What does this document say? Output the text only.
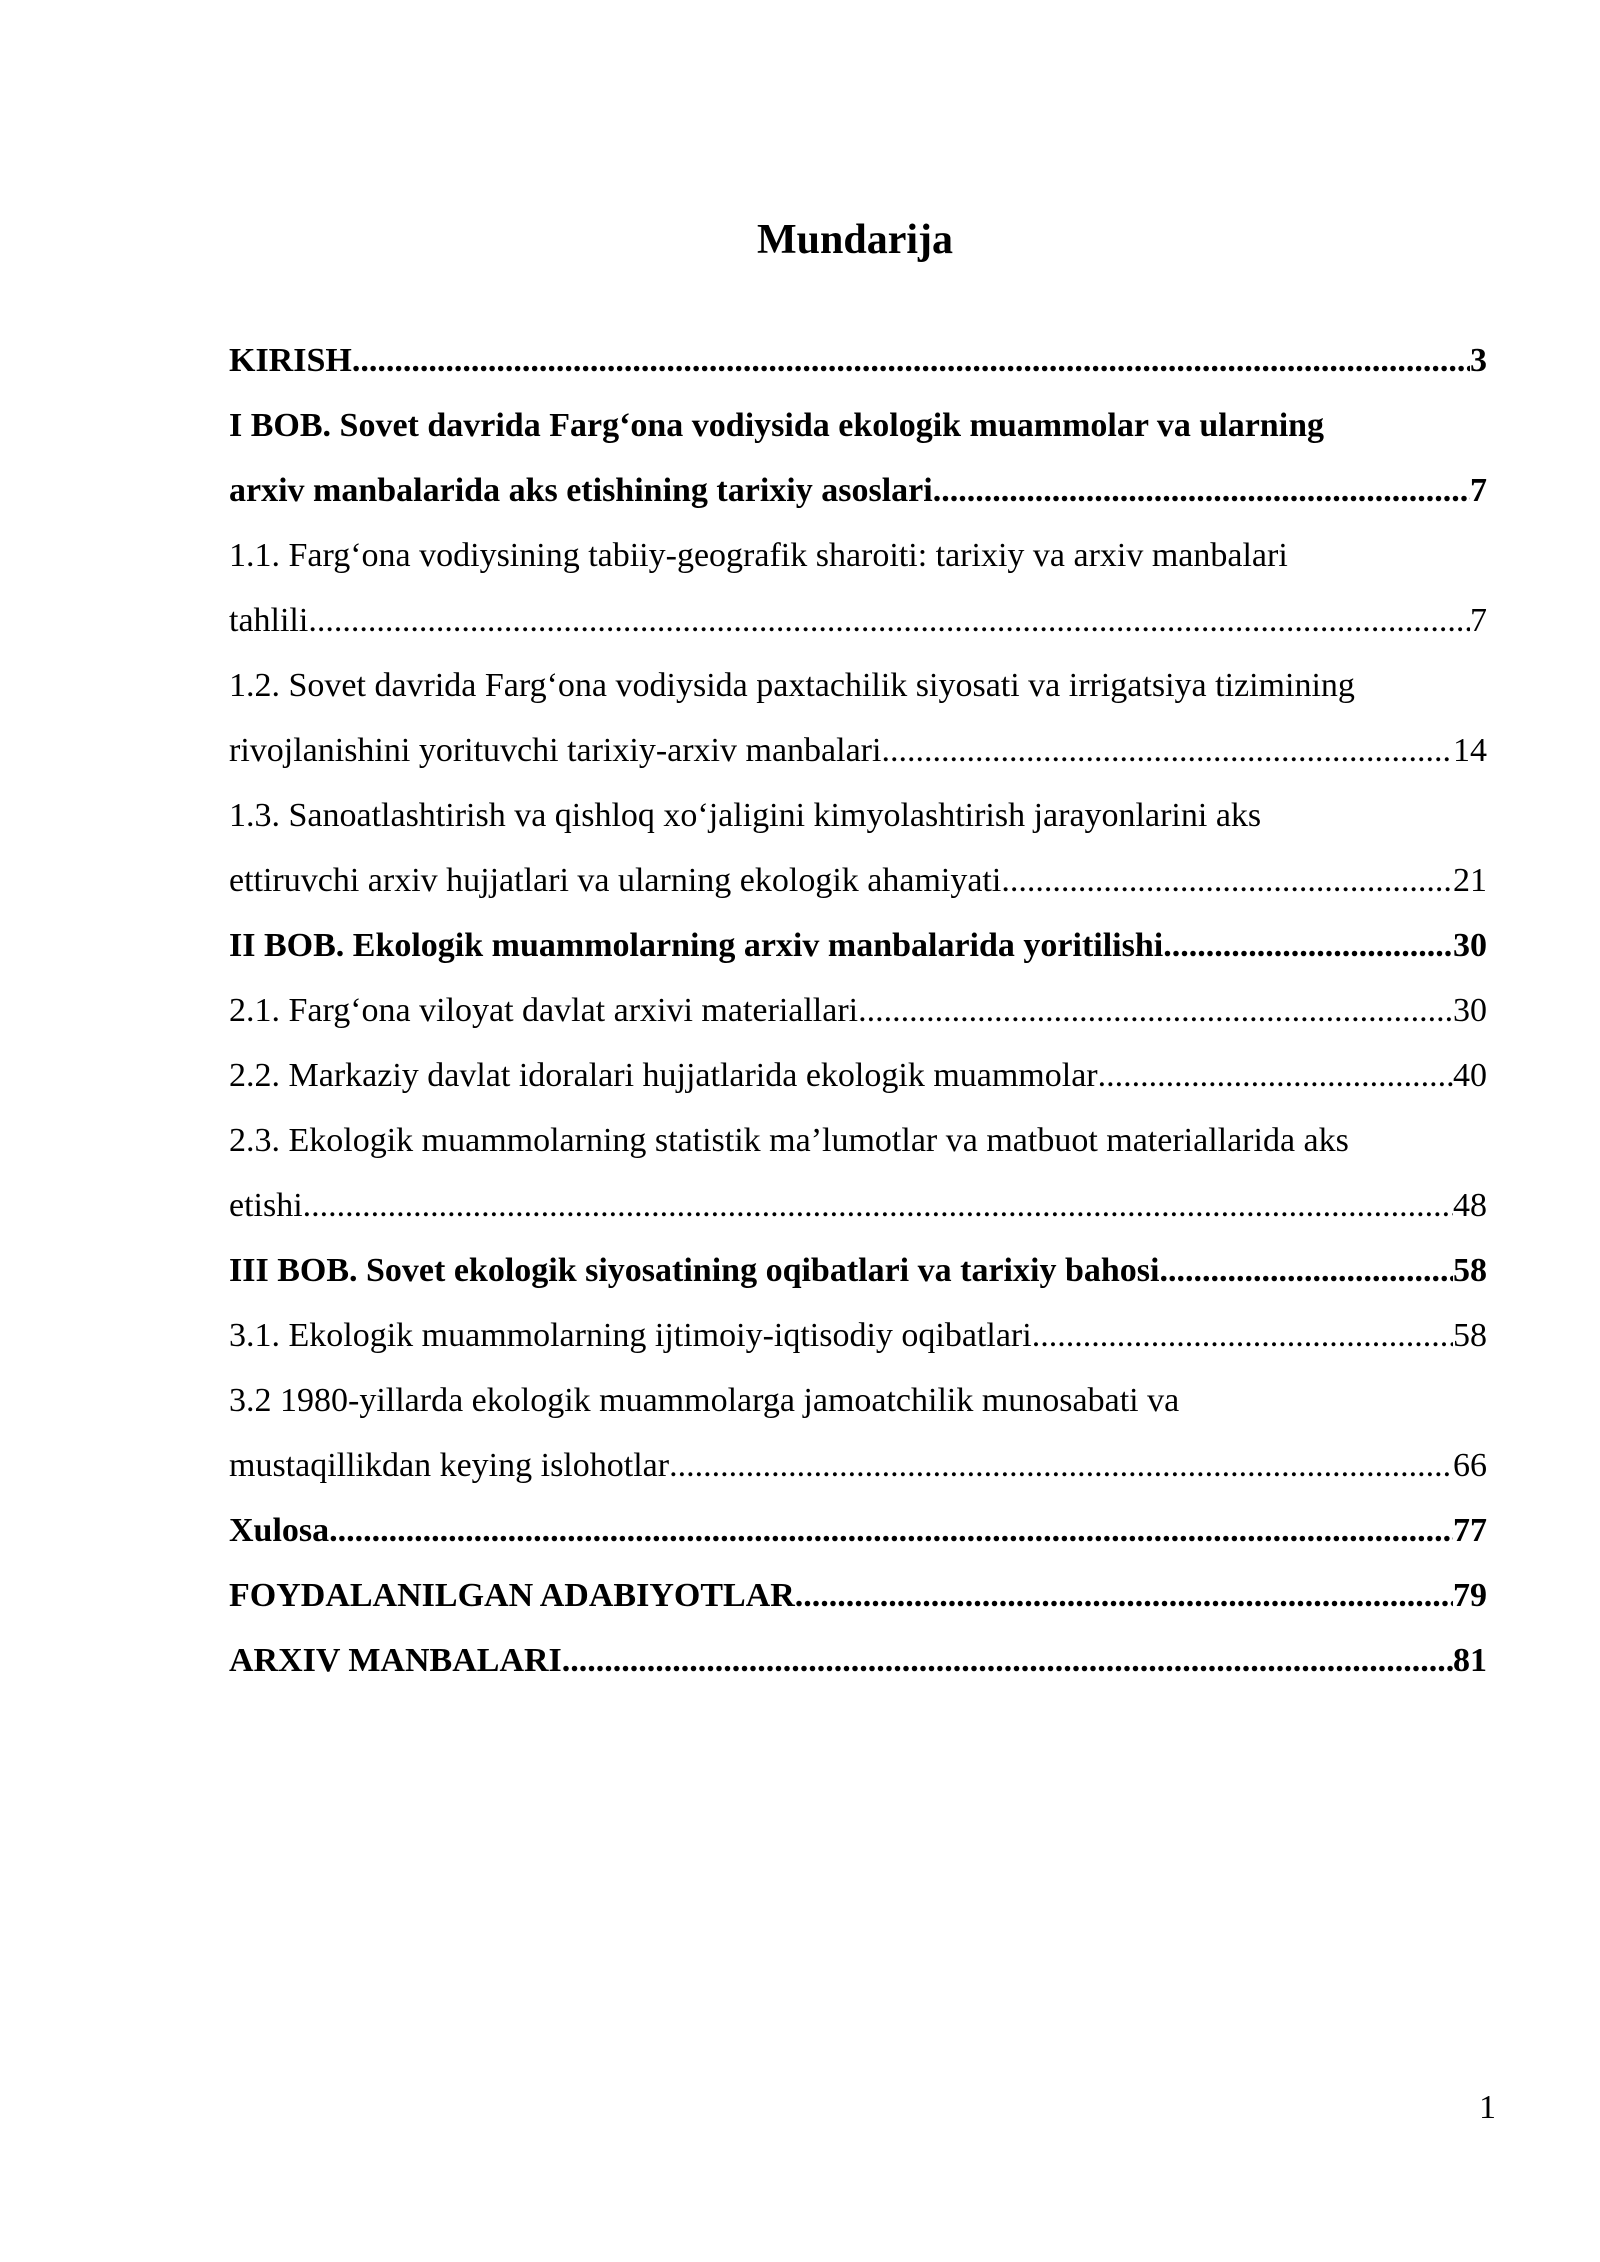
Mundarija
KIRISH .....	3
I BOB. Sovet davrida Farg‘ona vodiysida ekologik muammolar va ularning
arxiv manbalarida aks etishining tarixiy asoslari .....	7
1.1. Farg‘ona vodiysining tabiiy-geografik sharoiti: tarixiy va arxiv manbalari
tahlili .....	7
1.2. Sovet davrida Farg‘ona vodiysida paxtachilik siyosati va irrigatsiya tizimining
rivojlanishini yorituvchi tarixiy-arxiv manbalari .....	14
1.3. Sanoatlashtirish va qishloq xo‘jaligini kimyolashtirish jarayonlarini aks
ettiruvchi arxiv hujjatlari va ularning ekologik ahamiyati .....	21
II BOB. Ekologik muammolarning arxiv manbalarida yoritilishi .....	30
2.1. Farg‘ona viloyat davlat arxivi materiallari .....	30
2.2. Markaziy davlat idoralari hujjatlarida ekologik muammolar .....	40
2.3. Ekologik muammolarning statistik ma’lumotlar va matbuot materiallarida aks
etishi .....	48
III BOB. Sovet ekologik siyosatining oqibatlari va tarixiy bahosi .....	58
3.1. Ekologik muammolarning ijtimoiy-iqtisodiy oqibatlari .....	58
3.2 1980-yillarda ekologik muammolarga jamoatchilik munosabati va
mustaqillikdan keying islohotlar .....	66
Xulosa .....	77
FOYDALANILGAN ADABIYOTLAR .....	79
ARXIV MANBALARI .....	81
1
